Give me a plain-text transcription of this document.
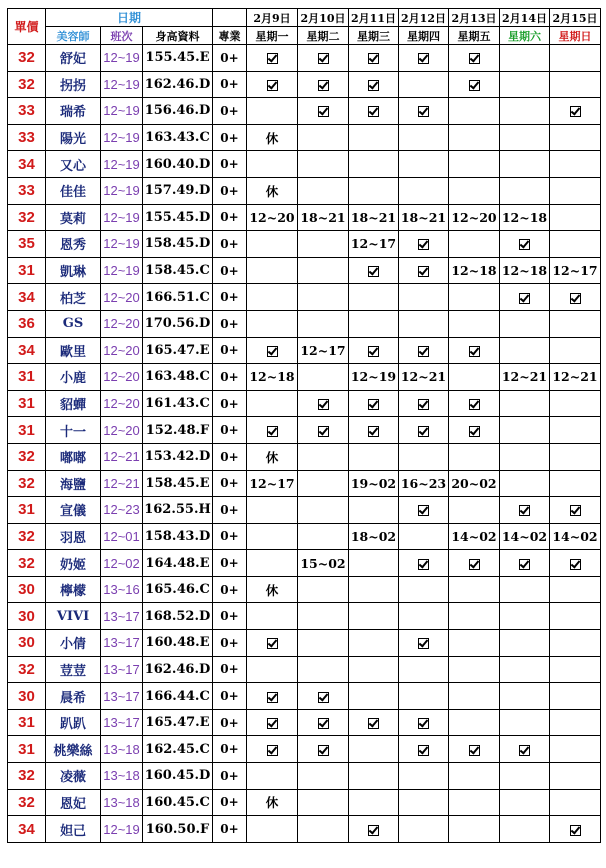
單價	日期				2月9日	2月10日	2月11日	2月12日	2月13日	2月14日	2月15日
	美容師	班次	身高資料	專業	星期一	星期二	星期三	星期四	星期五	星期六	星期日
32	舒妃	12~19	155.45.E	0+							
32	拐拐	12~19	162.46.D	0+							
33	瑞希	12~19	156.46.D	0+							
33	陽光	12~19	163.43.C	0+	休						
34	又心	12~19	160.40.D	0+							
33	佳佳	12~19	157.49.D	0+	休						
32	莫莉	12~19	155.45.D	0+	12~20	18~21	18~21	18~21	12~20	12~18	
35	恩秀	12~19	158.45.D	0+			12~17				
31	凱琳	12~19	158.45.C	0+					12~18	12~18	12~17
34	柏芝	12~20	166.51.C	0+							
36	GS	12~20	170.56.D	0+							
34	歐里	12~20	165.47.E	0+		12~17					
31	小鹿	12~20	163.48.C	0+	12~18		12~19	12~21		12~21	12~21
31	貂蟬	12~20	161.43.C	0+							
31	十一	12~20	152.48.F	0+							
32	嘟嘟	12~21	153.42.D	0+	休						
32	海鹽	12~21	158.45.E	0+	12~17		19~02	16~23	20~02		
31	宣儀	12~23	162.55.H	0+							
32	羽恩	12~01	158.43.D	0+			18~02		14~02	14~02	14~02
32	奶姬	12~02	164.48.E	0+		15~02					
30	檸檬	13~16	165.46.C	0+	休						
30	VIVI	13~17	168.52.D	0+							
30	小倩	13~17	160.48.E	0+							
32	荳荳	13~17	162.46.D	0+							
30	晨希	13~17	166.44.C	0+							
31	趴趴	13~17	165.47.E	0+							
31	桃樂絲	13~18	162.45.C	0+							
32	凌薇	13~18	160.45.D	0+							
32	恩妃	13~18	160.45.C	0+	休						
34	妲己	12~19	160.50.F	0+							
